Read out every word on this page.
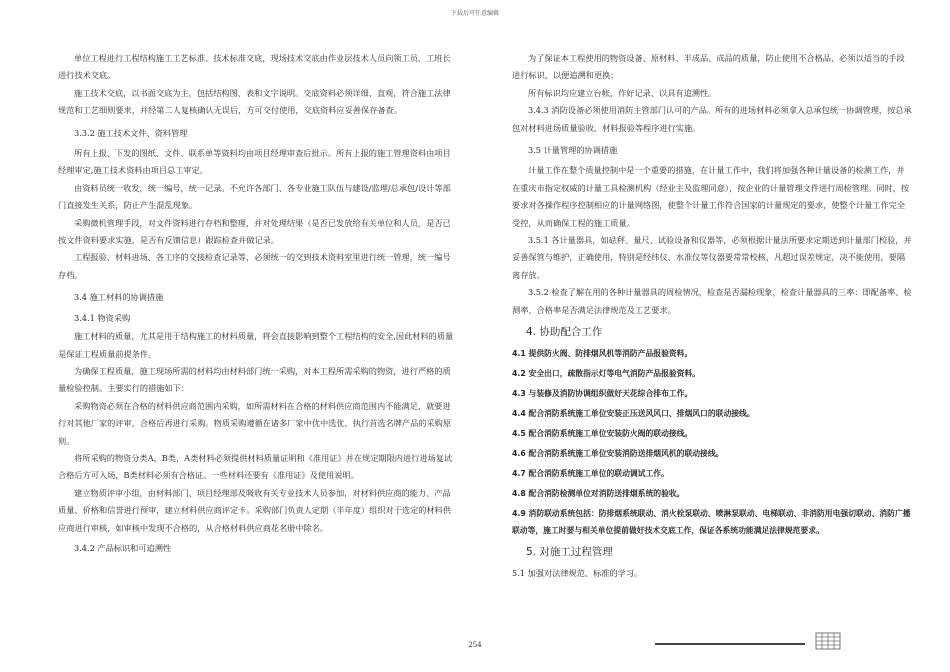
下载后可任意编辑

单位工程进行工程结构施工工艺标准、技术标准交底，现场技术交底由作业层技术人员向领工员、工班长进行技术交底。

施工技术交底，以书面交底为主，包括结构图、表和文字说明。交底资料必须详细、直观，符合施工法律规范和工艺细则要求，并经第二人复核确认无误后，方可交付使用，交底资料应妥善保存备查。

3.3.2 施工技术文件、资料管理

所有上报、下发的图纸、文件、联系单等资料均由项目经理审查后批示。所有上报的施工管理资料由项目经理审定,施工技术资料由项目总工审定。

由资料员统一收发，统一编号，统一记录。不允许各部门、各专业施工队伍与建设/监理/总承包/设计等部门直接发生关系，防止产生混乱现象。

采购微机管理手段，对文件资料进行存档和整理，并对处理结果（是否已发放给有关单位和人员，是否已按文件资料要求实施，是否有反馈信息）跟踪检查并做记录。

工程报验、材料进场、各工序的交接检查记录等，必须统一的交到技术资料室里进行统一管理，统一编号存档。

3.4 施工材料的协调措施

3.4.1 物资采购

施工材料的质量，尤其是用于结构施工的材料质量，将会直接影响到整个工程结构的安全,因此材料的质量是保证工程质量前提条件。

为确保工程质量，施工现场所需的材料均由材料部门统一采购，对本工程所需采购的物资，进行严格的质量检验控制。主要实行的措施如下：

采购物资必须在合格的材料供应商范围内采购，如所需材料在合格的材料供应商范围内不能满足，就要进行对其他厂家的评审，合格后再进行采购。物质采购遵循在诸多厂家中优中选优，执行首选名牌产品的采购原则。

将所采购的物资分类A、B类，A类材料必须提供材料质量证明和《准用证》并在规定期限内进行进场复试合格后方可入场，B类材料必须有合格证。一些材料还要有《准用证》及使用说明。

建立物质评审小组，由材料部门、项目经理部及吸收有关专业技术人员参加，对材料供应商的能力、产品质量、价格和信誉进行预审，建立材料供应商评定卡。采购部门负责人定期（半年度）组织对于选定的材料供应商进行审核，如审核中发现不合格的，从合格材料供应商花名册中除名。

3.4.2 产品标识和可追溯性

为了保证本工程使用的物资设备、原材料、半成品、成品的质量，防止使用不合格品，必须以适当的手段进行标识，以便追溯和更换；

所有标识均应建立台帐，作好记录、以具有追溯性。

3.4.3 消防设备必须使用消防主管部门认可的产品。所有的进场材料必须拿入总承包统一协调管理，按总承包对材料进场质量验收、材料报验等程序进行实施。

3.5 计量管理的协调措施

计量工作在整个质量控制中是一个重要的措施，在计量工作中，我们将加强各种计量设备的检测工作，并在重庆市指定权威的计量工具检测机构（经业主及监理同意），按企业的计量管理文件进行周检管理。同时，按要求对各操作程序控制相应的计量网络图，使整个计量工作符合国家的计量规定的要求，使整个计量工作完全受控，从而确保工程的施工质量。

3.5.1 各计量器具，如砝秤、量尺、试验设备和仪器等，必须根据计量法所要求定期送到计量部门校验，并妥善保管与维护，正确使用，特别是经纬仪、水准仪等仪器要常常校核，凡超过误差规定，决不能使用，要隔离存放。

3.5.2 检查了解在用的各种计量器具的周检情况，检查是否漏检现象，检查计量器具的三率：即配备率、检测率、合格率是否满足法律规范及工艺要求。

4. 协助配合工作

4.1 提供防火阀、防排烟风机等消防产品报验资料。

4.2 安全出口，疏散指示灯等电气消防产品报验资料。

4.3 与装修及消防协调组织做好天花综合排布工作。

4.4 配合消防系统施工单位安装正压送风风口、排烟风口的联动接线。

4.5 配合消防系统施工单位安装防火阀的联动接线。

4.6 配合消防系统施工单位安装消防送排烟风机的联动接线。

4.7 配合消防系统施工单位的联动调试工作。

4.8 配合消防检测单位对消防送排烟系统的验收。

4.9 消防联动系统包括：防排烟系统联动、消火栓泵联动、喷淋泵联动、电梯联动、非消防用电强切联动、消防广播联动等，施工时要与相关单位提前做好技术交底工作，保证各系统功能满足法律规范要求。

5. 对施工过程管理

5.1 加强对法律规范、标准的学习。

254
